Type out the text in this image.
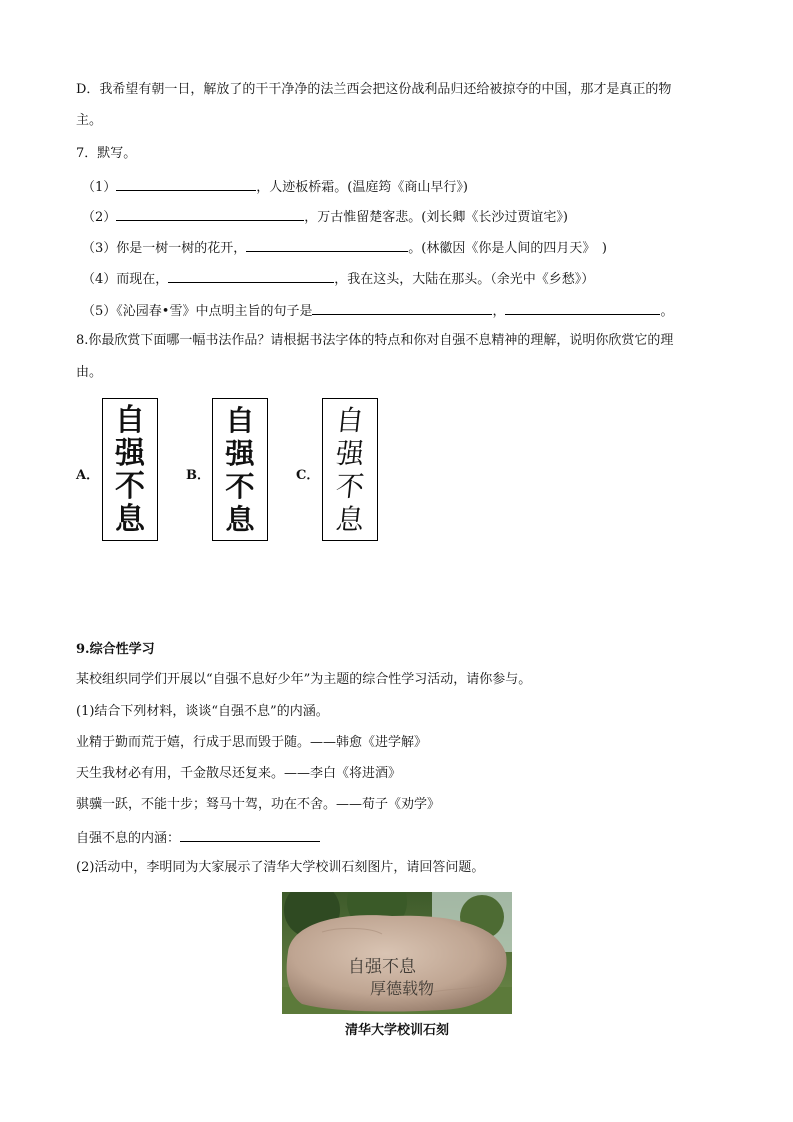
D．我希望有朝一日，解放了的干干净净的法兰西会把这份战利品归还给被掠夺的中国，那才是真正的物
主。
7．默写。
（1）	，人迹板桥霜。(温庭筠《商山早行》)
（2）	，万古惟留楚客悲。(刘长卿《长沙过贾谊宅》)
（3）你是一树一树的花开，	。(林徽因《你是人间的四月天》　)
（4）而现在，	，我在这头，大陆在那头。（余光中《乡愁》）
（5）《沁园春•雪》中点明主旨的句子是	，	。
8.你最欣赏下面哪一幅书法作品？请根据书法字体的特点和你对自强不息精神的理解，说明你欣赏它的理
由。
A．
自
强
不
息
B．
自
强
不
息
C．
自
强
不
息
9.综合性学习
某校组织同学们开展以“自强不息好少年”为主题的综合性学习活动，请你参与。
(1)结合下列材料，谈谈“自强不息”的内涵。
业精于勤而荒于嬉，行成于思而毁于随。——韩愈《进学解》
天生我材必有用，千金散尽还复来。——李白《将进酒》
骐骥一跃，不能十步；驽马十驾，功在不舍。——荀子《劝学》
自强不息的内涵：
(2)活动中，李明同为大家展示了清华大学校训石刻图片，请回答问题。
自强不息
厚德载物
清华大学校训石刻
